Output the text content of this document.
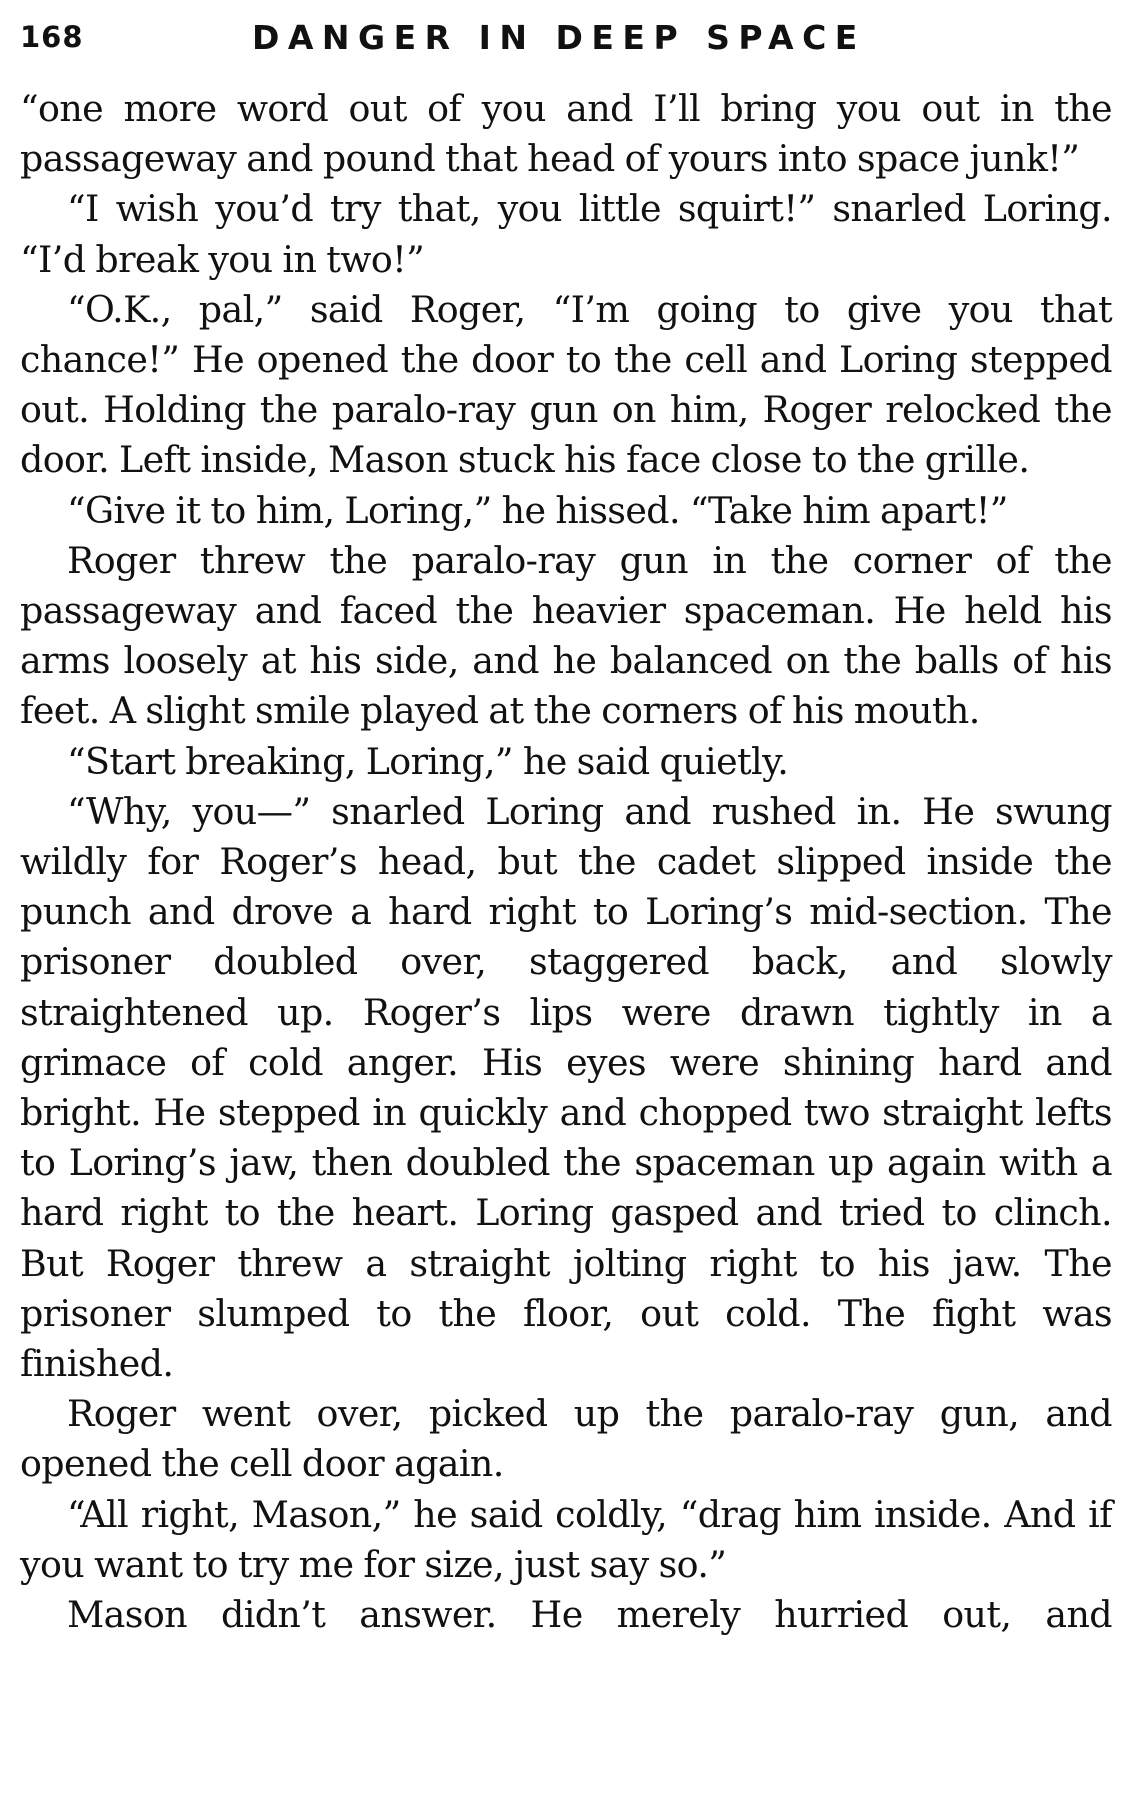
168	DANGER IN DEEP SPACE

“one more word out of you and I’ll bring you out in the passageway and pound that head of yours into space junk!”

“I wish you’d try that, you little squirt!” snarled Loring. “I’d break you in two!”

“O.K., pal,” said Roger, “I’m going to give you that chance!” He opened the door to the cell and Loring stepped out. Holding the paralo-ray gun on him, Roger relocked the door. Left inside, Mason stuck his face close to the grille.

“Give it to him, Loring,” he hissed. “Take him apart!”

Roger threw the paralo-ray gun in the corner of the passageway and faced the heavier spaceman. He held his arms loosely at his side, and he balanced on the balls of his feet. A slight smile played at the corners of his mouth.

“Start breaking, Loring,” he said quietly.

“Why, you—” snarled Loring and rushed in. He swung wildly for Roger’s head, but the cadet slipped inside the punch and drove a hard right to Loring’s mid-section. The prisoner doubled over, staggered back, and slowly straightened up. Roger’s lips were drawn tightly in a grimace of cold anger. His eyes were shining hard and bright. He stepped in quickly and chopped two straight lefts to Loring’s jaw, then doubled the spaceman up again with a hard right to the heart. Loring gasped and tried to clinch. But Roger threw a straight jolting right to his jaw. The prisoner slumped to the floor, out cold. The fight was finished.

Roger went over, picked up the paralo-ray gun, and opened the cell door again.

“All right, Mason,” he said coldly, “drag him inside. And if you want to try me for size, just say so.”

Mason didn’t answer. He merely hurried out, and
